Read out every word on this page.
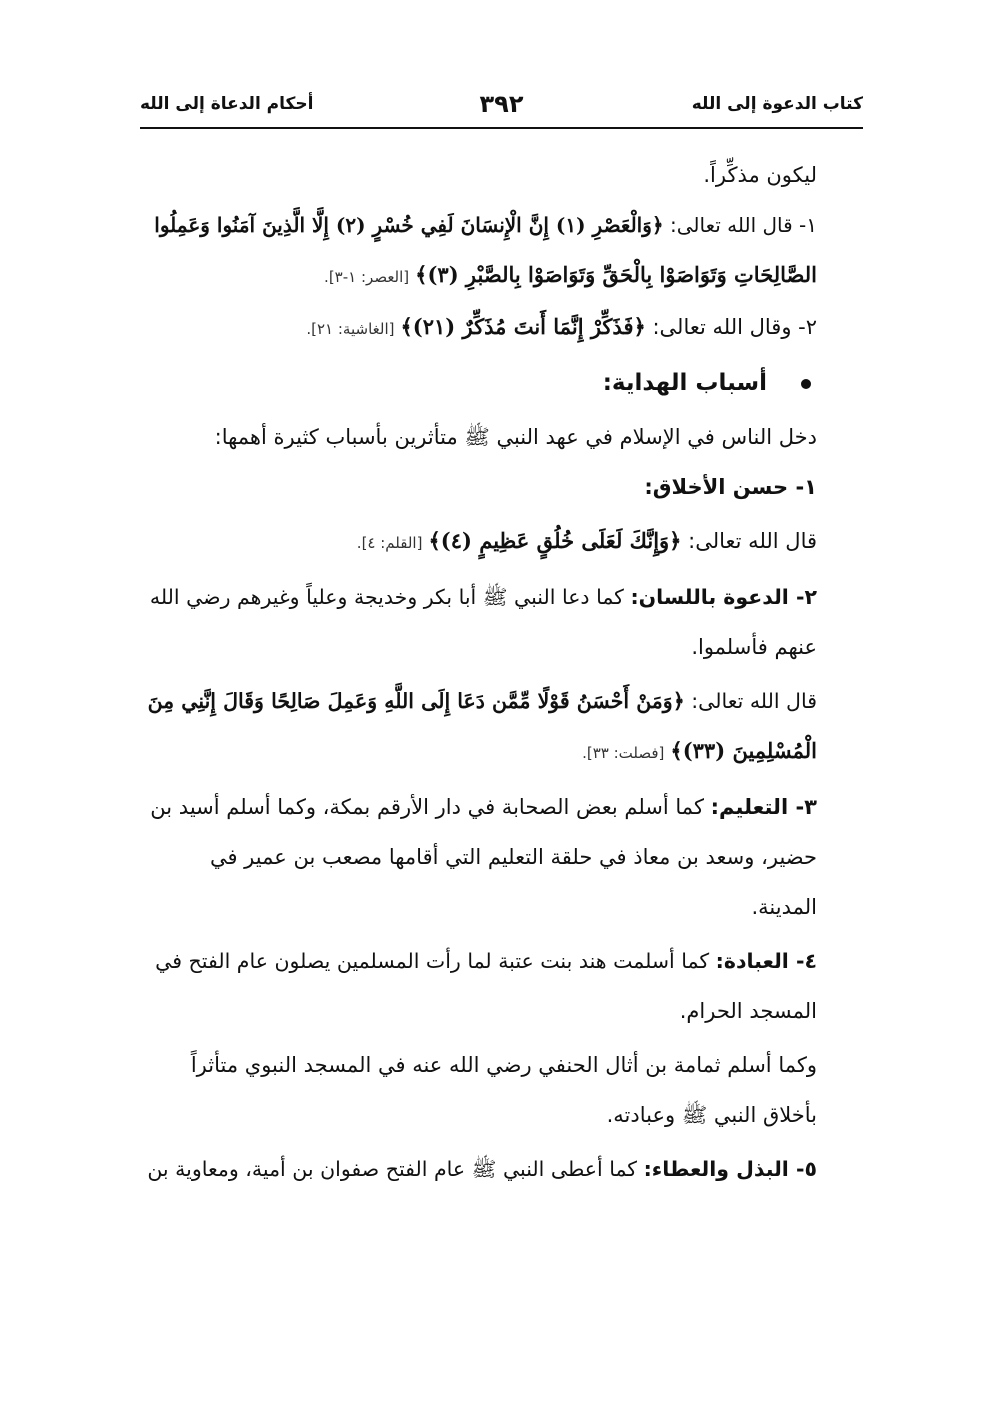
كتاب الدعوة إلى الله
٣٩٢
أحكام الدعاة إلى الله
ليكون مذكِّراً.
١- قال الله تعالى: ﴿وَالْعَصْرِ (١) إِنَّ الْإِنسَانَ لَفِي خُسْرٍ (٢) إِلَّا الَّذِينَ آمَنُوا وَعَمِلُوا
الصَّالِحَاتِ وَتَوَاصَوْا بِالْحَقِّ وَتَوَاصَوْا بِالصَّبْرِ (٣)﴾[العصر: ١-٣].
٢- وقال الله تعالى: ﴿فَذَكِّرْ إِنَّمَا أَنتَ مُذَكِّرٌ (٢١)﴾[الغاشية: ٢١].
أسباب الهداية:
دخل الناس في الإسلام في عهد النبي ﷺ متأثرين بأسباب كثيرة أهمها:
١- حسن الأخلاق:
قال الله تعالى: ﴿وَإِنَّكَ لَعَلَى خُلُقٍ عَظِيمٍ (٤)﴾[القلم: ٤].
٢- الدعوة باللسان: كما دعا النبي ﷺ أبا بكر وخديجة وعلياً وغيرهم رضي الله
عنهم فأسلموا.
قال الله تعالى: ﴿وَمَنْ أَحْسَنُ قَوْلًا مِّمَّن دَعَا إِلَى اللَّهِ وَعَمِلَ صَالِحًا وَقَالَ إِنَّنِي مِنَ
الْمُسْلِمِينَ (٣٣)﴾[فصلت: ٣٣].
٣- التعليم: كما أسلم بعض الصحابة في دار الأرقم بمكة، وكما أسلم أسيد بن
حضير، وسعد بن معاذ في حلقة التعليم التي أقامها مصعب بن عمير في
المدينة.
٤- العبادة: كما أسلمت هند بنت عتبة لما رأت المسلمين يصلون عام الفتح في
المسجد الحرام.
وكما أسلم ثمامة بن أثال الحنفي رضي الله عنه في المسجد النبوي متأثراً
بأخلاق النبي ﷺ وعبادته.
٥- البذل والعطاء: كما أعطى النبي ﷺ عام الفتح صفوان بن أمية، ومعاوية بن
